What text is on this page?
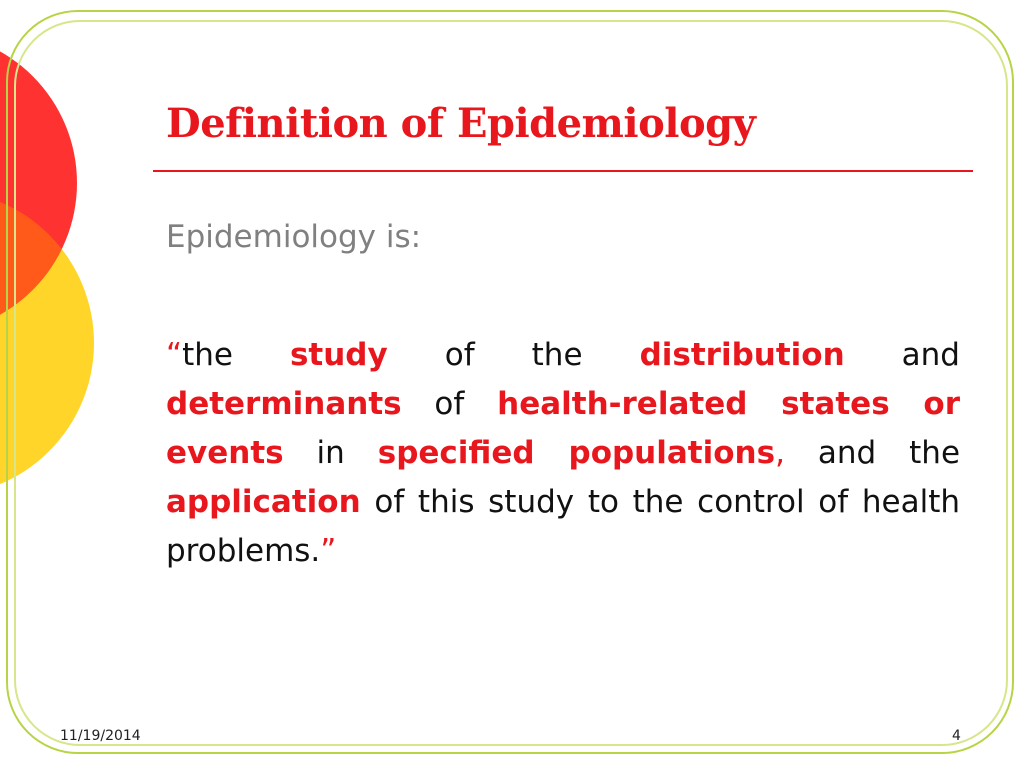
Definition of Epidemiology
Epidemiology is:

“the study of the distribution and determinants of health-related states or events in specified populations, and the application of this study to the control of health problems.”

11/19/2014	4
